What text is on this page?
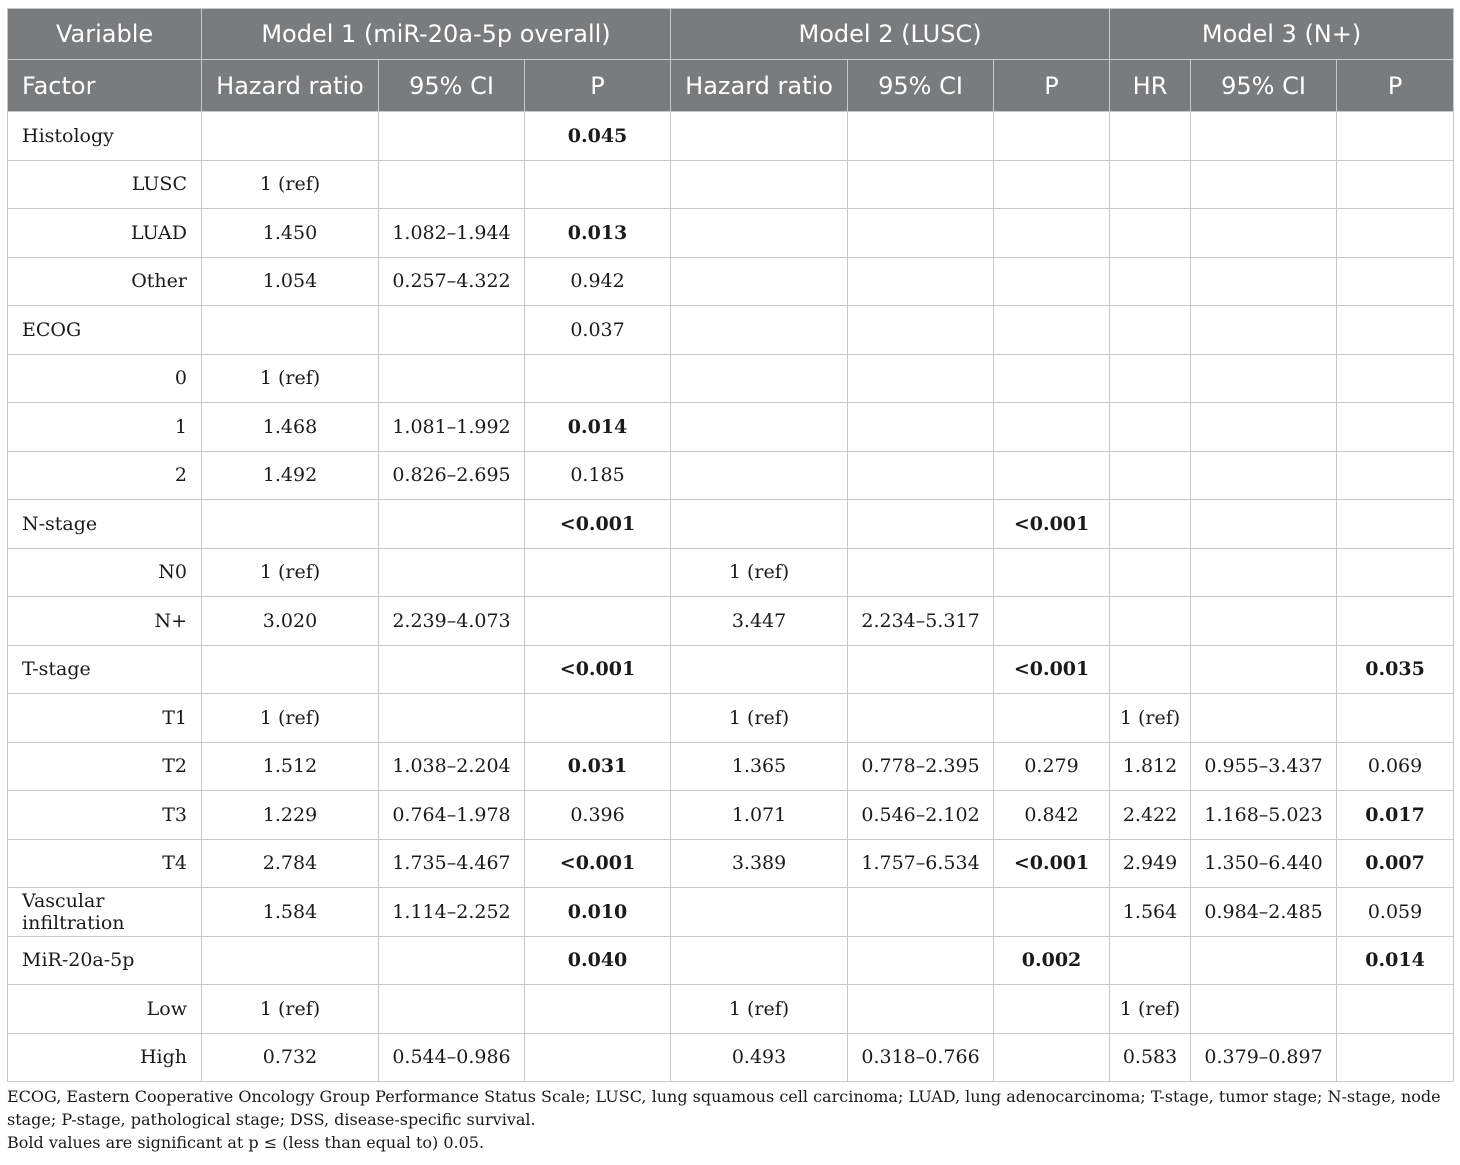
Variable	Model 1 (miR-20a-5p overall)			Model 2 (LUSC)			Model 3 (N+)		
Factor	Hazard ratio	95% CI	P	Hazard ratio	95% CI	P	HR	95% CI	P
Histology			0.045						
LUSC	1 (ref)								
LUAD	1.450	1.082–1.944	0.013						
Other	1.054	0.257–4.322	0.942						
ECOG			0.037						
0	1 (ref)								
1	1.468	1.081–1.992	0.014						
2	1.492	0.826–2.695	0.185						
N-stage			<0.001			<0.001			
N0	1 (ref)			1 (ref)					
N+	3.020	2.239–4.073		3.447	2.234–5.317				
T-stage			<0.001			<0.001			0.035
T1	1 (ref)			1 (ref)			1 (ref)		
T2	1.512	1.038–2.204	0.031	1.365	0.778–2.395	0.279	1.812	0.955–3.437	0.069
T3	1.229	0.764–1.978	0.396	1.071	0.546–2.102	0.842	2.422	1.168–5.023	0.017
T4	2.784	1.735–4.467	<0.001	3.389	1.757–6.534	<0.001	2.949	1.350–6.440	0.007
Vascular infiltration	1.584	1.114–2.252	0.010				1.564	0.984–2.485	0.059
MiR-20a-5p			0.040			0.002			0.014
Low	1 (ref)			1 (ref)			1 (ref)		
High	0.732	0.544–0.986		0.493	0.318–0.766		0.583	0.379–0.897	

ECOG, Eastern Cooperative Oncology Group Performance Status Scale; LUSC, lung squamous cell carcinoma; LUAD, lung adenocarcinoma; T-stage, tumor stage; N-stage, node stage; P-stage, pathological stage; DSS, disease-specific survival.

Bold values are significant at p ≤ (less than equal to) 0.05.
